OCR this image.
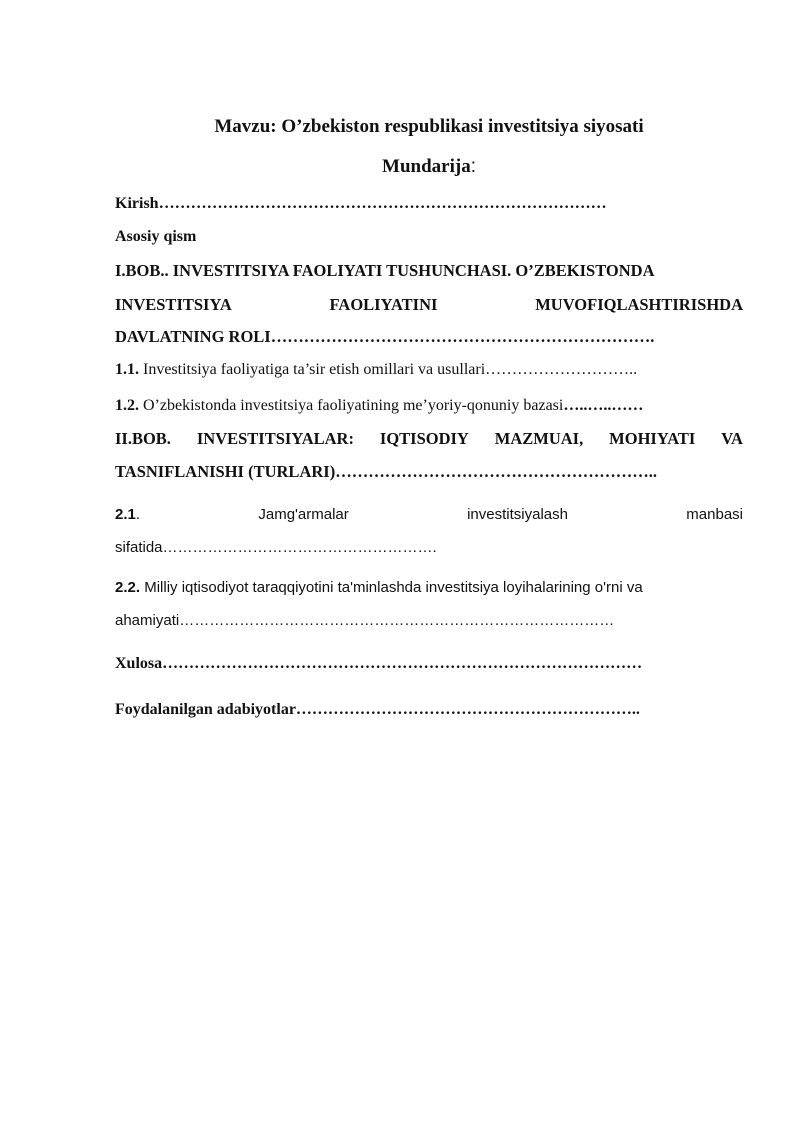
Mavzu: O’zbekiston respublikasi investitsiya siyosati
Mundarija:
Kirish…………………………………………………………………………
Asosiy qism
I.BOB.. INVESTITSIYA FAOLIYATI TUSHUNCHASI. O’ZBEKISTONDA
INVESTITSIYA	FAOLIYATINI	MUVOFIQLASHTIRISHDA
DAVLATNING ROLI…………………………………………………………….
1.1. Investitsiya faoliyatiga ta’sir etish omillari va usullari………………………..
1.2. O’zbekistonda investitsiya faoliyatining me’yoriy-qonuniy bazasi…..…..……
II.BOB. INVESTITSIYALAR: IQTISODIY MAZMUAI, MOHIYATI VA
TASNIFLANISHI (TURLARI)…………………………………………………..
2.1.	Jamg'armalar	investitsiyalash	manbasi
sifatida……………………………………………….
2.2. Milliy iqtisodiyot taraqqiyotini ta'minlashda investitsiya loyihalarining o'rni va
ahamiyati……………………………………………………………………………
Xulosa………………………………………………………………………………
Foydalanilgan adabiyotlar………………………………………………………..
